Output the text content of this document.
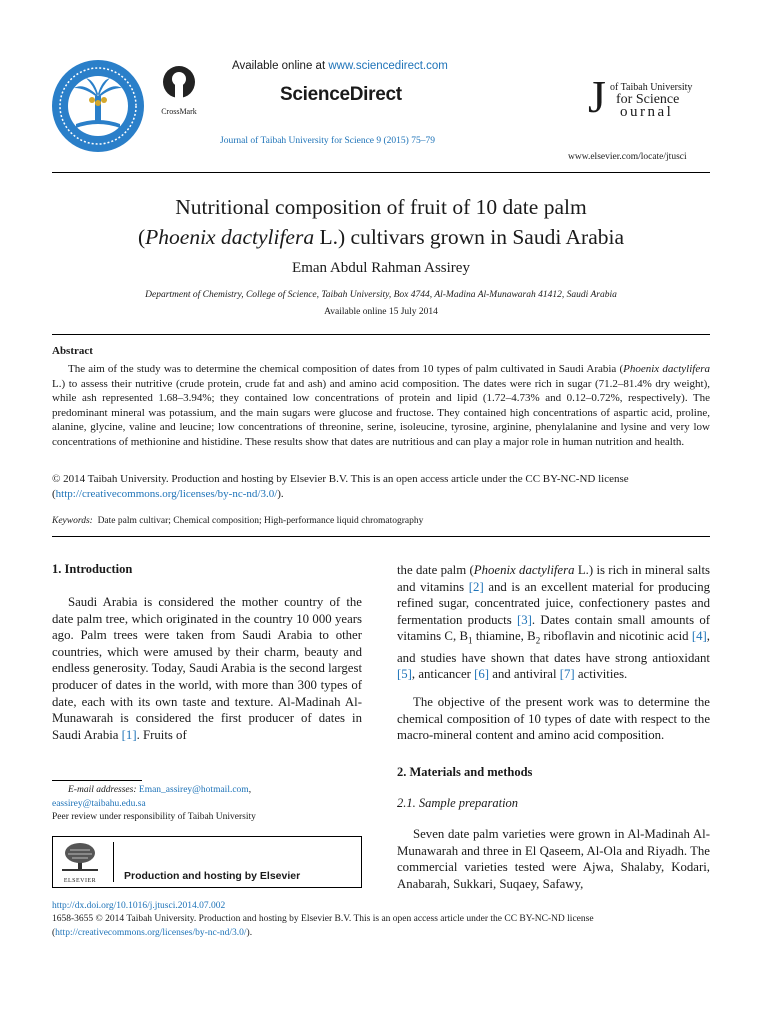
CrossMark
Available online at www.sciencedirect.com
ScienceDirect
Journal of Taibah University for Science 9 (2015) 75–79
J of Taibah University
for Science
ournal
www.elsevier.com/locate/jtusci
Nutritional composition of fruit of 10 date palm
(Phoenix dactylifera L.) cultivars grown in Saudi Arabia
Eman Abdul Rahman Assirey
Department of Chemistry, College of Science, Taibah University, Box 4744, Al-Madina Al-Munawarah 41412, Saudi Arabia
Available online 15 July 2014
Abstract
The aim of the study was to determine the chemical composition of dates from 10 types of palm cultivated in Saudi Arabia (Phoenix dactylifera L.) to assess their nutritive (crude protein, crude fat and ash) and amino acid composition. The dates were rich in sugar (71.2–81.4% dry weight), while ash represented 1.68–3.94%; they contained low concentrations of protein and lipid (1.72–4.73% and 0.12–0.72%, respectively). The predominant mineral was potassium, and the main sugars were glucose and fructose. They contained high concentrations of aspartic acid, proline, alanine, glycine, valine and leucine; low concentrations of threonine, serine, isoleucine, tyrosine, arginine, phenylalanine and lysine and very low concentrations of methionine and histidine. These results show that dates are nutritious and can play a major role in human nutrition and health.
© 2014 Taibah University. Production and hosting by Elsevier B.V. This is an open access article under the CC BY-NC-ND license
(http://creativecommons.org/licenses/by-nc-nd/3.0/).
Keywords: Date palm cultivar; Chemical composition; High-performance liquid chromatography
1. Introduction
Saudi Arabia is considered the mother country of the date palm tree, which originated in the country 10 000 years ago. Palm trees were taken from Saudi Arabia to other countries, which were amused by their charm, beauty and endless generosity. Today, Saudi Arabia is the second largest producer of dates in the world, with more than 300 types of date, each with its own taste and texture. Al-Madinah Al-Munawarah is considered the first producer of dates in Saudi Arabia [1]. Fruits of
E-mail addresses: Eman_assirey@hotmail.com,
eassirey@taibahu.edu.sa
Peer review under responsibility of Taibah University
ELSEVIER	Production and hosting by Elsevier
the date palm (Phoenix dactylifera L.) is rich in mineral salts and vitamins [2] and is an excellent material for producing refined sugar, concentrated juice, confectionery pastes and fermentation products [3]. Dates contain small amounts of vitamins C, $B_1$ thiamine, $B_2$ riboflavin and nicotinic acid [4], and studies have shown that dates have strong antioxidant [5], anticancer [6] and antiviral [7] activities.
The objective of the present work was to determine the chemical composition of 10 types of date with respect to the macro-mineral content and amino acid composition.
2. Materials and methods
2.1. Sample preparation
Seven date palm varieties were grown in Al-Madinah Al-Munawarah and three in El Qaseem, Al-Ola and Riyadh. The commercial varieties tested were Ajwa, Shalaby, Kodari, Anabarah, Sukkari, Suqaey, Safawy,
http://dx.doi.org/10.1016/j.jtusci.2014.07.002
1658-3655 © 2014 Taibah University. Production and hosting by Elsevier B.V. This is an open access article under the CC BY-NC-ND license
(http://creativecommons.org/licenses/by-nc-nd/3.0/).
